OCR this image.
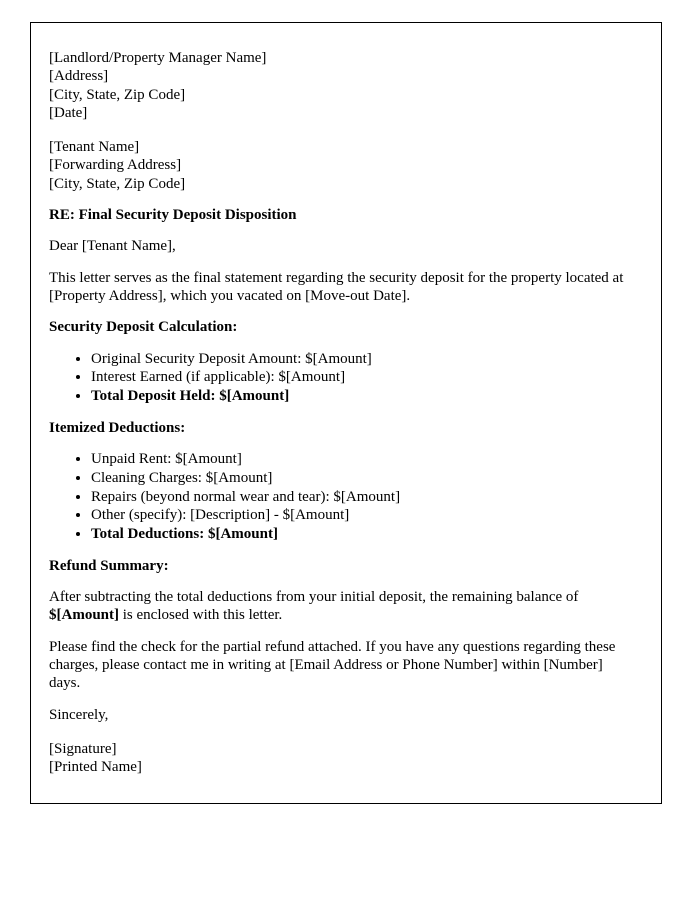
[Landlord/Property Manager Name]
[Address]
[City, State, Zip Code]
[Date]
[Tenant Name]
[Forwarding Address]
[City, State, Zip Code]

RE: Final Security Deposit Disposition

Dear [Tenant Name],

This letter serves as the final statement regarding the security deposit for the property located at [Property Address], which you vacated on [Move-out Date].

Security Deposit Calculation:

• Original Security Deposit Amount: $[Amount]
• Interest Earned (if applicable): $[Amount]
• Total Deposit Held: $[Amount]

Itemized Deductions:

• Unpaid Rent: $[Amount]
• Cleaning Charges: $[Amount]
• Repairs (beyond normal wear and tear): $[Amount]
• Other (specify): [Description] - $[Amount]
• Total Deductions: $[Amount]

Refund Summary:

After subtracting the total deductions from your initial deposit, the remaining balance of $[Amount] is enclosed with this letter.

Please find the check for the partial refund attached. If you have any questions regarding these charges, please contact me in writing at [Email Address or Phone Number] within [Number] days.

Sincerely,

[Signature]
[Printed Name]
